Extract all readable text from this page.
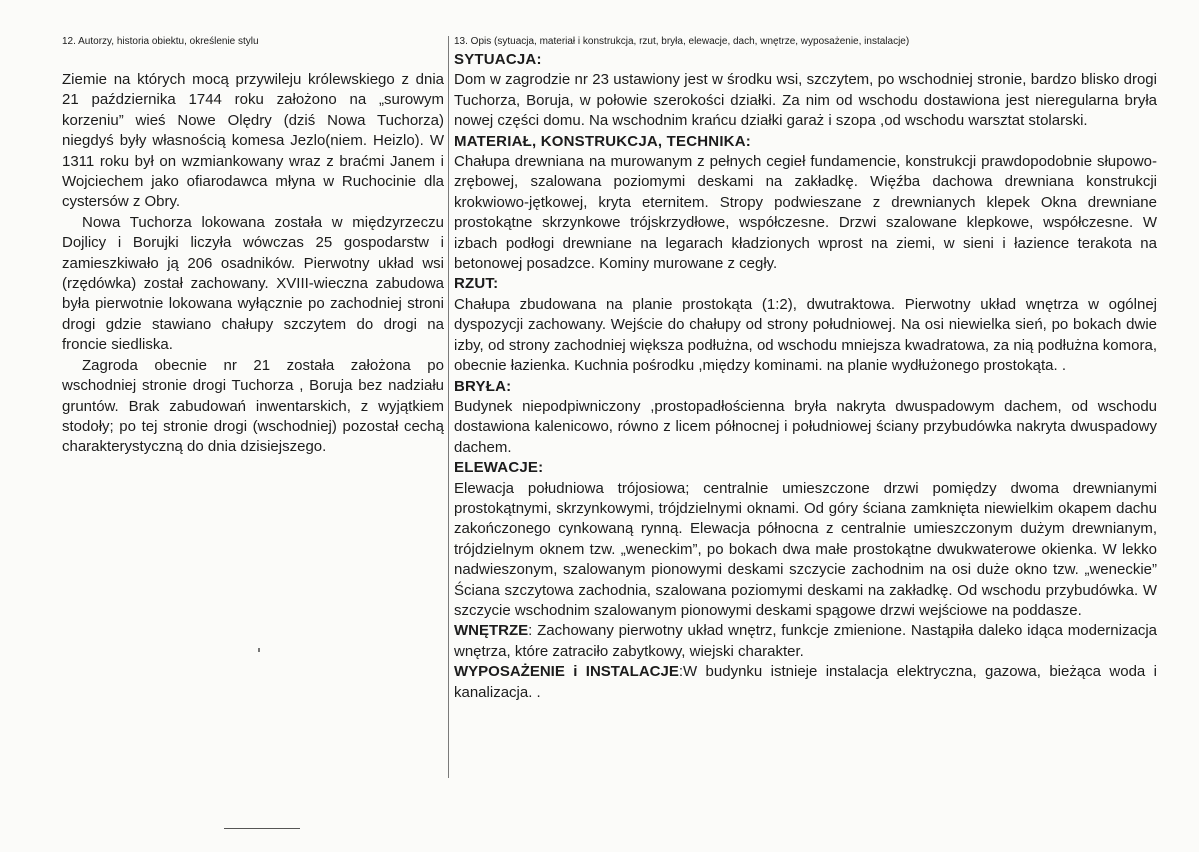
12. Autorzy, historia obiektu, określenie stylu

Ziemie na których mocą przywileju królewskiego z dnia 21 października 1744 roku założono na „surowym korzeniu” wieś Nowe Olędry (dziś Nowa Tuchorza) niegdyś były własnością komesa Jezlo(niem. Heizlo). W 1311 roku był on wzmiankowany wraz z braćmi Janem i Wojciechem jako ofiarodawca młyna w Ruchocinie dla cystersów z Obry.

Nowa Tuchorza lokowana została w międzyrzeczu Dojlicy i Borujki liczyła wówczas 25 gospodarstw i zamieszkiwało ją 206 osadników. Pierwotny układ wsi (rzędówka) został zachowany. XVIII-wieczna zabudowa była pierwotnie lokowana wyłącznie po zachodniej stroni drogi gdzie stawiano chałupy szczytem do drogi na froncie siedliska.

Zagroda obecnie nr 21 została założona po wschodniej stronie drogi Tuchorza , Boruja bez nadziału gruntów. Brak zabudowań inwentarskich, z wyjątkiem stodoły; po tej stronie drogi (wschodniej) pozostał cechą charakterystyczną do dnia dzisiejszego.

13. Opis (sytuacja, materiał i konstrukcja, rzut, bryła, elewacje, dach, wnętrze, wyposażenie, instalacje)

SYTUACJA:

Dom w zagrodzie nr 23 ustawiony jest w środku wsi, szczytem, po wschodniej stronie, bardzo blisko drogi Tuchorza, Boruja, w połowie szerokości działki. Za nim od wschodu dostawiona jest nieregularna bryła nowej części domu. Na wschodnim krańcu działki garaż i szopa ,od wschodu warsztat stolarski.

MATERIAŁ, KONSTRUKCJA, TECHNIKA:

Chałupa drewniana na murowanym z pełnych cegieł fundamencie, konstrukcji prawdopodobnie słupowo-zrębowej, szalowana poziomymi deskami na zakładkę. Więźba dachowa drewniana konstrukcji krokwiowo-jętkowej, kryta eternitem. Stropy podwieszane z drewnianych klepek Okna drewniane prostokątne skrzynkowe trójskrzydłowe, współczesne. Drzwi szalowane klepkowe, współczesne. W izbach podłogi drewniane na legarach kładzionych wprost na ziemi, w sieni i łazience terakota na betonowej posadzce. Kominy murowane z cegły.

RZUT:

Chałupa zbudowana na planie prostokąta (1:2), dwutraktowa. Pierwotny układ wnętrza w ogólnej dyspozycji zachowany. Wejście do chałupy od strony południowej. Na osi niewielka sień, po bokach dwie izby, od strony zachodniej większa podłużna, od wschodu mniejsza kwadratowa, za nią podłużna komora, obecnie łazienka. Kuchnia pośrodku ,między kominami. na planie wydłużonego prostokąta. .

BRYŁA:

Budynek niepodpiwniczony ,prostopadłościenna bryła nakryta dwuspadowym dachem, od wschodu dostawiona kalenicowo, równo z licem północnej i południowej ściany przybudówka nakryta dwuspadowy dachem.

ELEWACJE:

Elewacja południowa trójosiowa; centralnie umieszczone drzwi pomiędzy dwoma drewnianymi prostokątnymi, skrzynkowymi, trójdzielnymi oknami. Od góry ściana zamknięta niewielkim okapem dachu zakończonego cynkowaną rynną. Elewacja północna z centralnie umieszczonym dużym drewnianym, trójdzielnym oknem tzw. „weneckim”, po bokach dwa małe prostokątne dwukwaterowe okienka. W lekko nadwieszonym, szalowanym pionowymi deskami szczycie zachodnim na osi duże okno tzw. „weneckie” Ściana szczytowa zachodnia, szalowana poziomymi deskami na zakładkę. Od wschodu przybudówka. W szczycie wschodnim szalowanym pionowymi deskami spągowe drzwi wejściowe na poddasze.

WNĘTRZE: Zachowany pierwotny układ wnętrz, funkcje zmienione. Nastąpiła daleko idąca modernizacja wnętrza, które zatraciło zabytkowy, wiejski charakter.

WYPOSAŻENIE i INSTALACJE:W budynku istnieje instalacja elektryczna, gazowa, bieżąca woda i kanalizacja. .
